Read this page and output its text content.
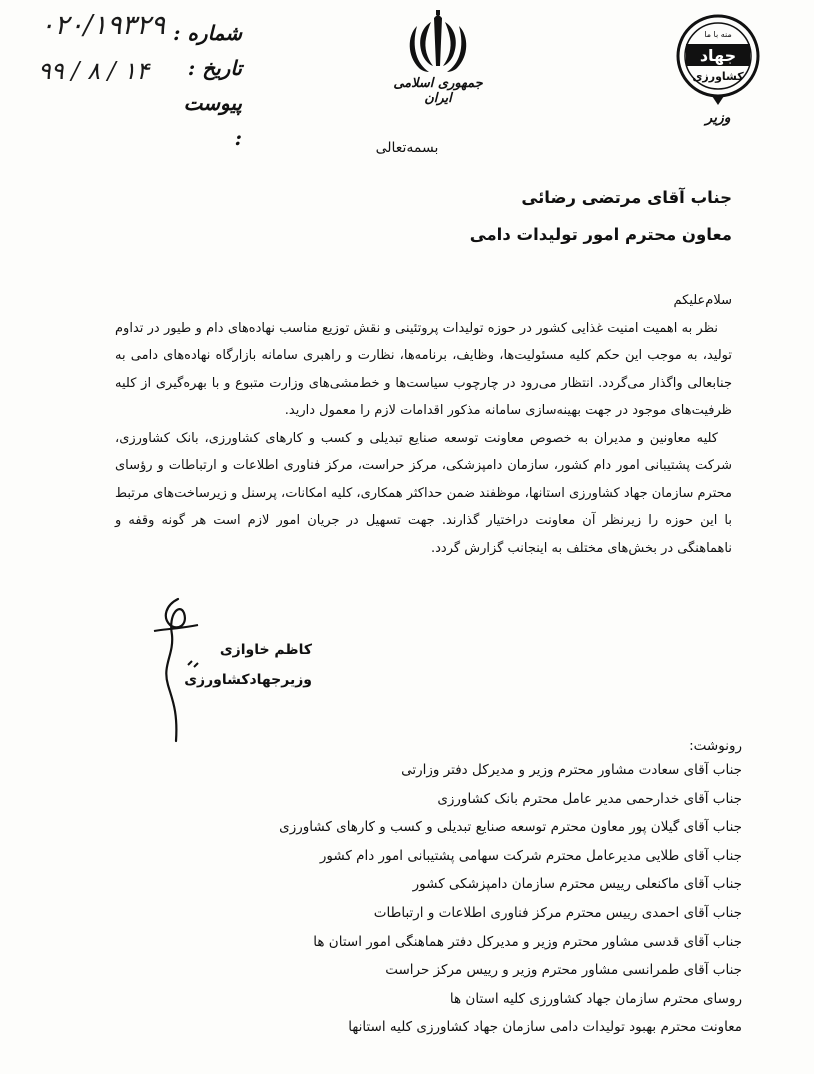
۰۲۰/۱۹۳۲۹
۹۹ / ۸ / ۱۴
شماره :
تاریخ :
پیوست :
جمهوری اسلامی ایران
جهاد
منه با ما
کشاورزی
وزیر
بسمه‌تعالی
جناب آقای مرتضی رضائی
معاون محترم امور تولیدات دامی

سلام‌علیکم

نظر به اهمیت امنیت غذایی کشور در حوزه تولیدات پروتئینی و نقش توزیع مناسب نهاده‌های دام و طیور در تداوم تولید، به موجب این حکم کلیه مسئولیت‌ها، وظایف، برنامه‌ها، نظارت و راهبری سامانه بازارگاه نهاده‌های دامی به جنابعالی واگذار می‌گردد. انتظار می‌رود در چارچوب سیاست‌ها و خط‌مشی‌های وزارت متبوع و با بهره‌گیری از کلیه ظرفیت‌های موجود در جهت بهینه‌سازی سامانه مذکور اقدامات لازم را معمول دارید.

کلیه معاونین و مدیران به خصوص معاونت توسعه صنایع تبدیلی و کسب و کارهای کشاورزی، بانک کشاورزی، شرکت پشتیبانی امور دام کشور، سازمان دامپزشکی، مرکز حراست، مرکز فناوری اطلاعات و ارتباطات و رؤسای محترم سازمان جهاد کشاورزی استانها، موظفند ضمن حداکثر همکاری، کلیه امکانات، پرسنل و زیرساخت‌های مرتبط با این حوزه را زیرنظر آن معاونت دراختیار گذارند. جهت تسهیل در جریان امور لازم است هر گونه وقفه و ناهماهنگی در بخش‌های مختلف به اینجانب گزارش گردد.

کاظم خاوازی
وزیرجهادکشاورزی
رونوشت:
جناب آقای سعادت مشاور محترم وزیر و مدیرکل دفتر وزارتی
جناب آقای خدارحمی مدیر عامل محترم بانک کشاورزی
جناب آقای گیلان پور معاون محترم توسعه صنایع تبدیلی و کسب و کارهای کشاورزی
جناب آقای طلایی مدیرعامل محترم شرکت سهامی پشتیبانی امور دام کشور
جناب آقای ماکنعلی رییس محترم سازمان دامپزشکی کشور
جناب آقای احمدی رییس محترم مرکز فناوری اطلاعات و ارتباطات
جناب آقای قدسی مشاور محترم وزیر و مدیرکل دفتر هماهنگی امور استان ها
جناب آقای طمرانسی مشاور محترم وزیر و رییس مرکز حراست
روسای محترم سازمان جهاد کشاورزی کلیه استان ها
معاونت محترم بهبود تولیدات دامی سازمان جهاد کشاورزی کلیه استانها
